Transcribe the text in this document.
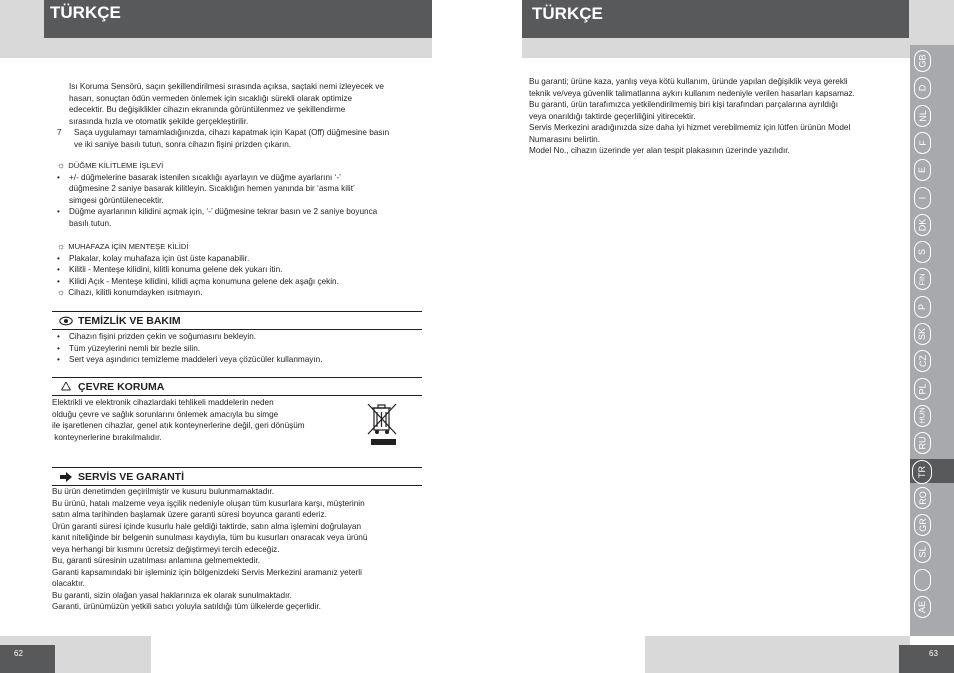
TÜRKÇE	TÜRKÇE

Isı Koruma Sensörü, saçın şekillendirilmesi sırasında açıksa, saçtaki nemi izleyecek ve

hasarı, sonuçtan ödün vermeden önlemek için sıcaklığı sürekli olarak optimize

edecektir. Bu değişiklikler cihazın ekranında görüntülenmez ve şekillendirme

sırasında hızla ve otomatik şekilde gerçekleştirilir.

7	Saça uygulamayı tamamladığınızda, cihazı kapatmak için Kapat (Off) düğmesine basın

ve iki saniye basılı tutun, sonra cihazın fişini prizden çıkarın.

☼ DÜĞME KİLİTLEME İŞLEVİ
•	+/- düğmelerine basarak istenilen sıcaklığı ayarlayın ve düğme ayarlarını ‘-’

düğmesine 2 saniye basarak kilitleyin. Sıcaklığın hemen yanında bir ‘asma kilit’

simgesi görüntülenecektir.

•	Düğme ayarlarının kilidini açmak için, ‘-’ düğmesine tekrar basın ve 2 saniye boyunca

basılı tutun.

☼ MUHAFAZA İÇİN MENTEŞE KİLİDİ
•	Plakalar, kolay muhafaza için üst üste kapanabilir.

•	Kilitli - Menteşe kilidini, kilitli konuma gelene dek yukarı itin.

•	Kilidi Açık - Menteşe kilidini, kilidi açma konumuna gelene dek aşağı çekin.

☼ Cihazı, kilitli konumdayken ısıtmayın.
TEMİZLİK VE BAKIM
•	Cihazın fişini prizden çekin ve soğumasını bekleyin.

•	Tüm yüzeylerini nemli bir bezle silin.

•	Sert veya aşındırıcı temizleme maddeleri veya çözücüler kullanmayın.

ÇEVRE KORUMA

Elektrikli ve elektronik cihazlardaki tehlikeli maddelerin neden

olduğu çevre ve sağlık sorunlarını önlemek amacıyla bu simge

ile işaretlenen cihazlar, genel atık konteynerlerine değil, geri dönüşüm

konteynerlerine bırakılmalıdır.

SERVİS VE GARANTİ

Bu ürün denetimden geçirilmiştir ve kusuru bulunmamaktadır.

Bu ürünü, hatalı malzeme veya işçilik nedeniyle oluşan tüm kusurlara karşı, müşterinin

satın alma tarihinden başlamak üzere garanti süresi boyunca garanti ederiz.

Ürün garanti süresi içinde kusurlu hale geldiği taktirde, satın alma işlemini doğrulayan

kanıt niteliğinde bir belgenin sunulması kaydıyla, tüm bu kusurları onaracak veya ürünü

veya herhangi bir kısmını ücretsiz değiştirmeyi tercih edeceğiz.

Bu, garanti süresinin uzatılması anlamına gelmemektedir.

Garanti kapsamındaki bir işleminiz için bölgenizdeki Servis Merkezini aramanız yeterli

olacaktır.

Bu garanti, sizin olağan yasal haklarınıza ek olarak sunulmaktadır.

Garanti, ürünümüzün yetkili satıcı yoluyla satıldığı tüm ülkelerde geçerlidir.

Bu garanti; ürüne kaza, yanlış veya kötü kullanım, üründe yapılan değişiklik veya gerekli

teknik ve/veya güvenlik talimatlarına aykırı kullanım nedeniyle verilen hasarları kapsamaz.

Bu garanti, ürün tarafımızca yetkilendirilmemiş biri kişi tarafından parçalarına ayrıldığı

veya onarıldığı taktirde geçerliliğini yitirecektir.

Servis Merkezini aradığınızda size daha iyi hizmet verebilmemiz için lütfen ürünün Model

Numarasını belirtin.

Model No., cihazın üzerinde yer alan tespit plakasının üzerinde yazılıdır.

GB
D
NL
F
E
I
DK
S
FIN
P
SK
CZ
PL
HUN
RU
TR
RO
GR
SL
AE
62	63
